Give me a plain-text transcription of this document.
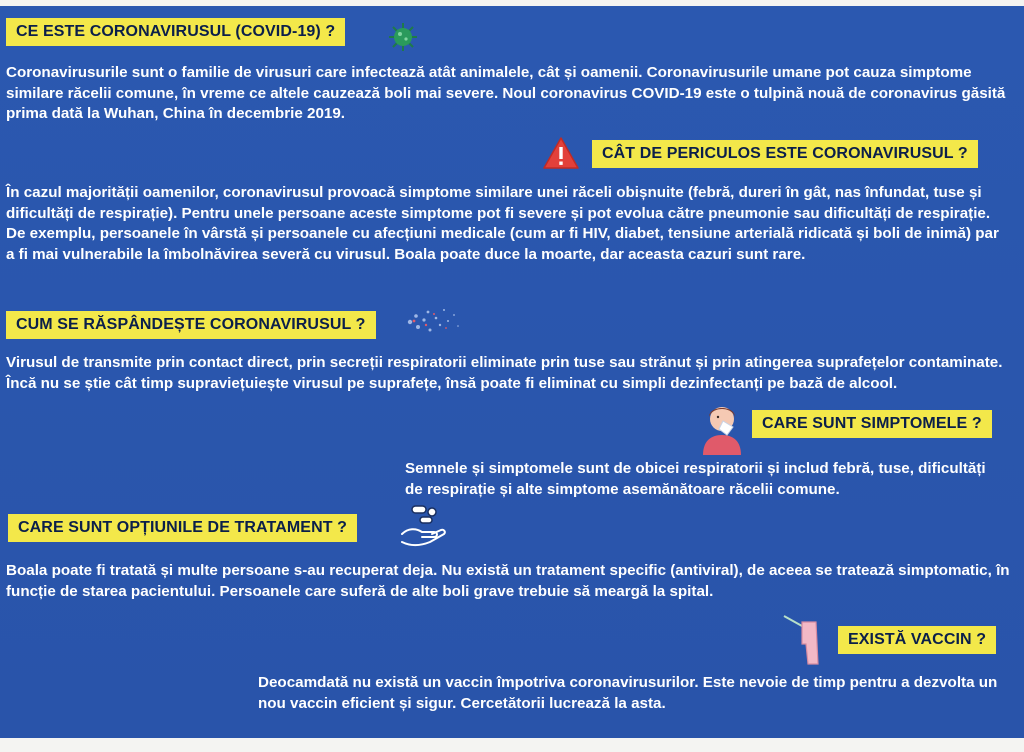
CE ESTE CORONAVIRUSUL (COVID-19) ?

Coronavirusurile sunt o familie de virusuri care infectează atât animalele, cât și oamenii. Coronavirusurile umane pot cauza simptome similare răcelii comune, în vreme ce altele cauzează boli mai severe. Noul coronavirus COVID-19 este o tulpină nouă de coronavirus găsită prima dată la Wuhan, China în decembrie 2019.

CÂT DE PERICULOS ESTE CORONAVIRUSUL ?

În cazul majorității oamenilor, coronavirusul provoacă simptome similare unei răceli obișnuite (febră, dureri în gât, nas înfundat, tuse și dificultăți de respirație). Pentru unele persoane aceste simptome pot fi severe și pot evolua către pneumonie sau dificultăți de respirație. De exemplu, persoanele în vârstă și persoanele cu afecțiuni medicale (cum ar fi HIV, diabet, tensiune arterială ridicată și boli de inimă) par a fi mai vulnerabile la îmbolnăvirea severă cu virusul. Boala poate duce la moarte, dar aceasta cazuri sunt rare.

CUM SE RĂSPÂNDEȘTE CORONAVIRUSUL ?

Virusul de transmite prin contact direct, prin secreții respiratorii eliminate prin tuse sau strănut și prin atingerea suprafețelor contaminate. Încă nu se știe cât timp supraviețuiește virusul pe suprafețe, însă poate fi eliminat cu simpli dezinfectanți pe bază de alcool.

CARE SUNT SIMPTOMELE ?

Semnele și simptomele sunt de obicei respiratorii și includ febră, tuse, dificultăți de respirație și alte simptome asemănătoare răcelii comune.

CARE SUNT OPȚIUNILE DE TRATAMENT ?

Boala poate fi tratată și multe persoane s-au recuperat deja. Nu există un tratament specific (antiviral), de aceea se tratează simptomatic, în funcție de starea pacientului. Persoanele care suferă de alte boli grave trebuie să meargă la spital.

EXISTĂ VACCIN ?

Deocamdată nu există un vaccin împotriva coronavirusurilor. Este nevoie de timp pentru a dezvolta un nou vaccin eficient și sigur. Cercetătorii lucrează la asta.
